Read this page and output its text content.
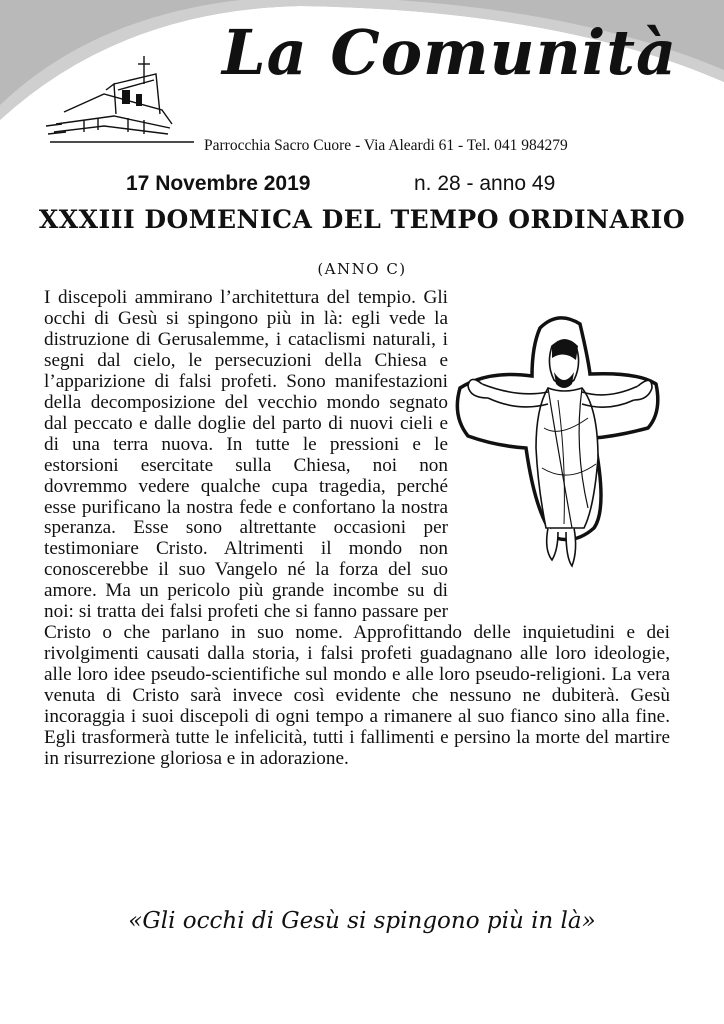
La Comunità
Parrocchia Sacro Cuore - Via Aleardi 61 - Tel. 041 984279
17 Novembre 2019	n. 28 - anno 49
XXXIII DOMENICA DEL TEMPO ORDINARIO
(ANNO C)
I discepoli ammirano l’architettura del tempio. Gli occhi di Gesù si spingono più in là: egli vede la distruzione di Gerusalemme, i cataclismi naturali, i segni dal cielo, le persecuzioni della Chiesa e l’apparizione di falsi profeti. Sono manifestazioni della decomposizione del vecchio mondo segnato dal peccato e dalle doglie del parto di nuovi cieli e di una terra nuova. In tutte le pressioni e le estorsioni esercitate sulla Chiesa, noi non dovremmo vedere qualche cupa tragedia, perché esse purificano la nostra fede e confortano la nostra speranza. Esse sono altrettante occasioni per testimoniare Cristo. Altrimenti il mondo non conoscerebbe il suo Vangelo né la forza del suo amore. Ma un pericolo più grande incombe su di noi: si tratta dei falsi profeti che si fanno passare per Cristo o che parlano in suo nome. Approfittando delle inquietudini e dei rivolgimenti causati dalla storia, i falsi profeti guadagnano alle loro ideologie, alle loro idee pseudo-scientifiche sul mondo e alle loro pseudo-religioni. La vera venuta di Cristo sarà invece così evidente che nessuno ne dubiterà. Gesù incoraggia i suoi discepoli di ogni tempo a rimanere al suo fianco sino alla fine. Egli trasformerà tutte le infelicità, tutti i fallimenti e persino la morte del martire in risurrezione gloriosa e in adorazione.
«Gli occhi di Gesù si spingono più in là»
